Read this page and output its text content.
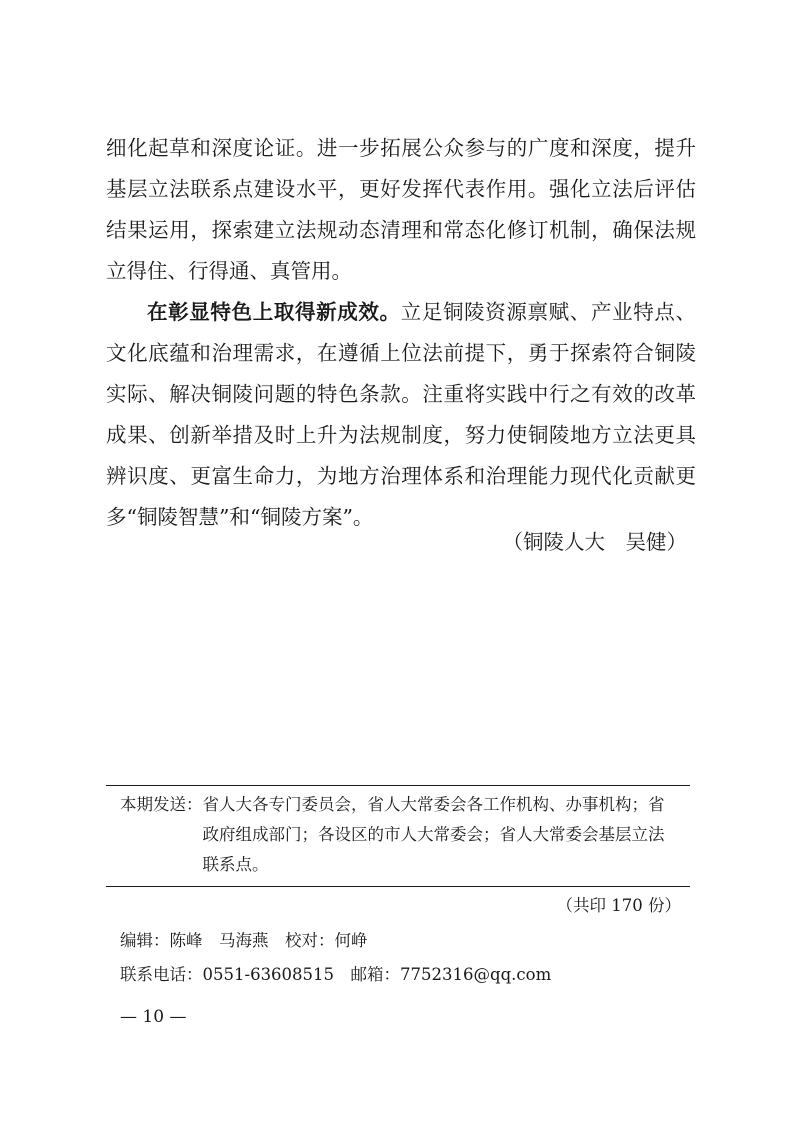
细化起草和深度论证。进一步拓展公众参与的广度和深度，提升基层立法联系点建设水平，更好发挥代表作用。强化立法后评估结果运用，探索建立法规动态清理和常态化修订机制，确保法规立得住、行得通、真管用。

在彰显特色上取得新成效。立足铜陵资源禀赋、产业特点、文化底蕴和治理需求，在遵循上位法前提下，勇于探索符合铜陵实际、解决铜陵问题的特色条款。注重将实践中行之有效的改革成果、创新举措及时上升为法规制度，努力使铜陵地方立法更具辨识度、更富生命力，为地方治理体系和治理能力现代化贡献更多“铜陵智慧”和“铜陵方案”。

（铜陵人大　吴健）
本期发送： 省人大各专门委员会，省人大常委会各工作机构、办事机构；省政府组成部门；各设区的市人大常委会；省人大常委会基层立法联系点。
（共印 170 份）
编辑：陈峰　马海燕　校对：何峥
联系电话：0551-63608515　邮箱：7752316@qq.com
— 10 —
